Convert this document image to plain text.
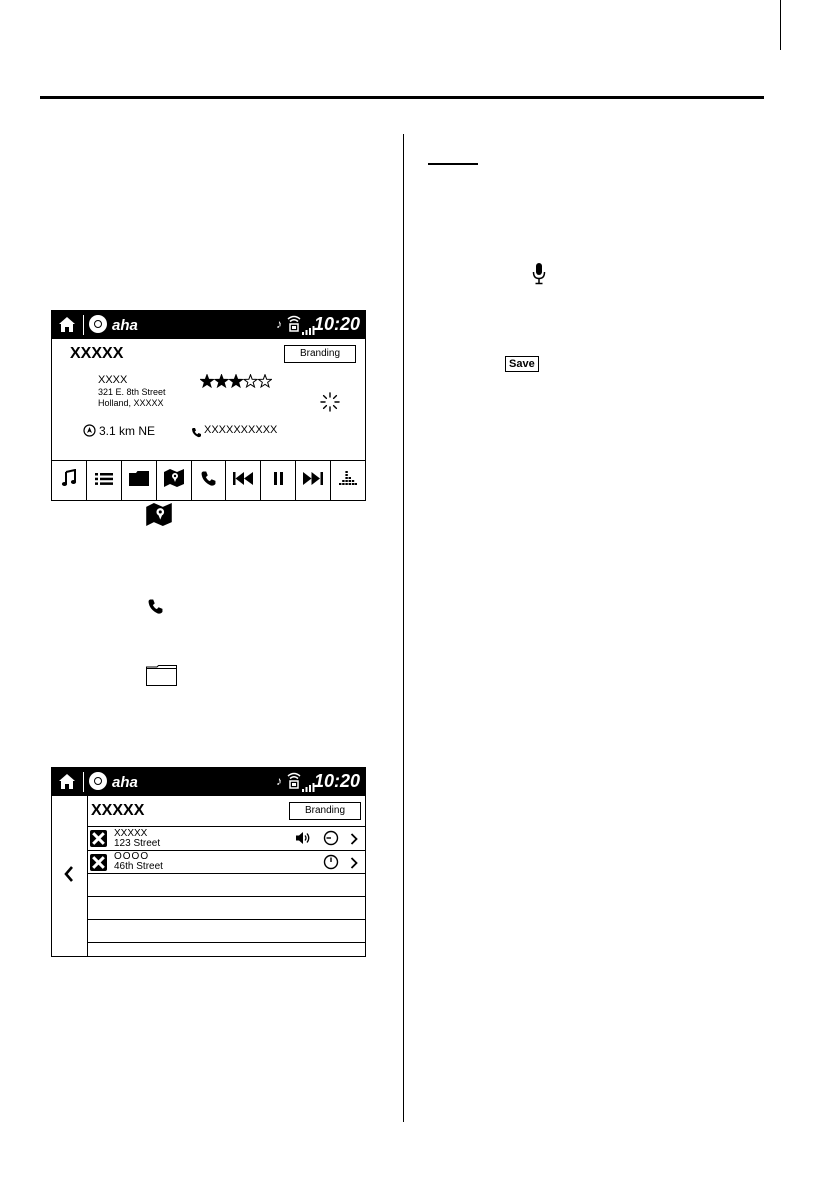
aha	♪ 10:20
XXXXX	Branding
XXXX
321 E. 8th Street
Holland, XXXXX
3.1 km NE	XXXXXXXXXX
aha	♪ 10:20
XXXXX	Branding
XXXXX
123 Street
OOOO
46th Street
Save
